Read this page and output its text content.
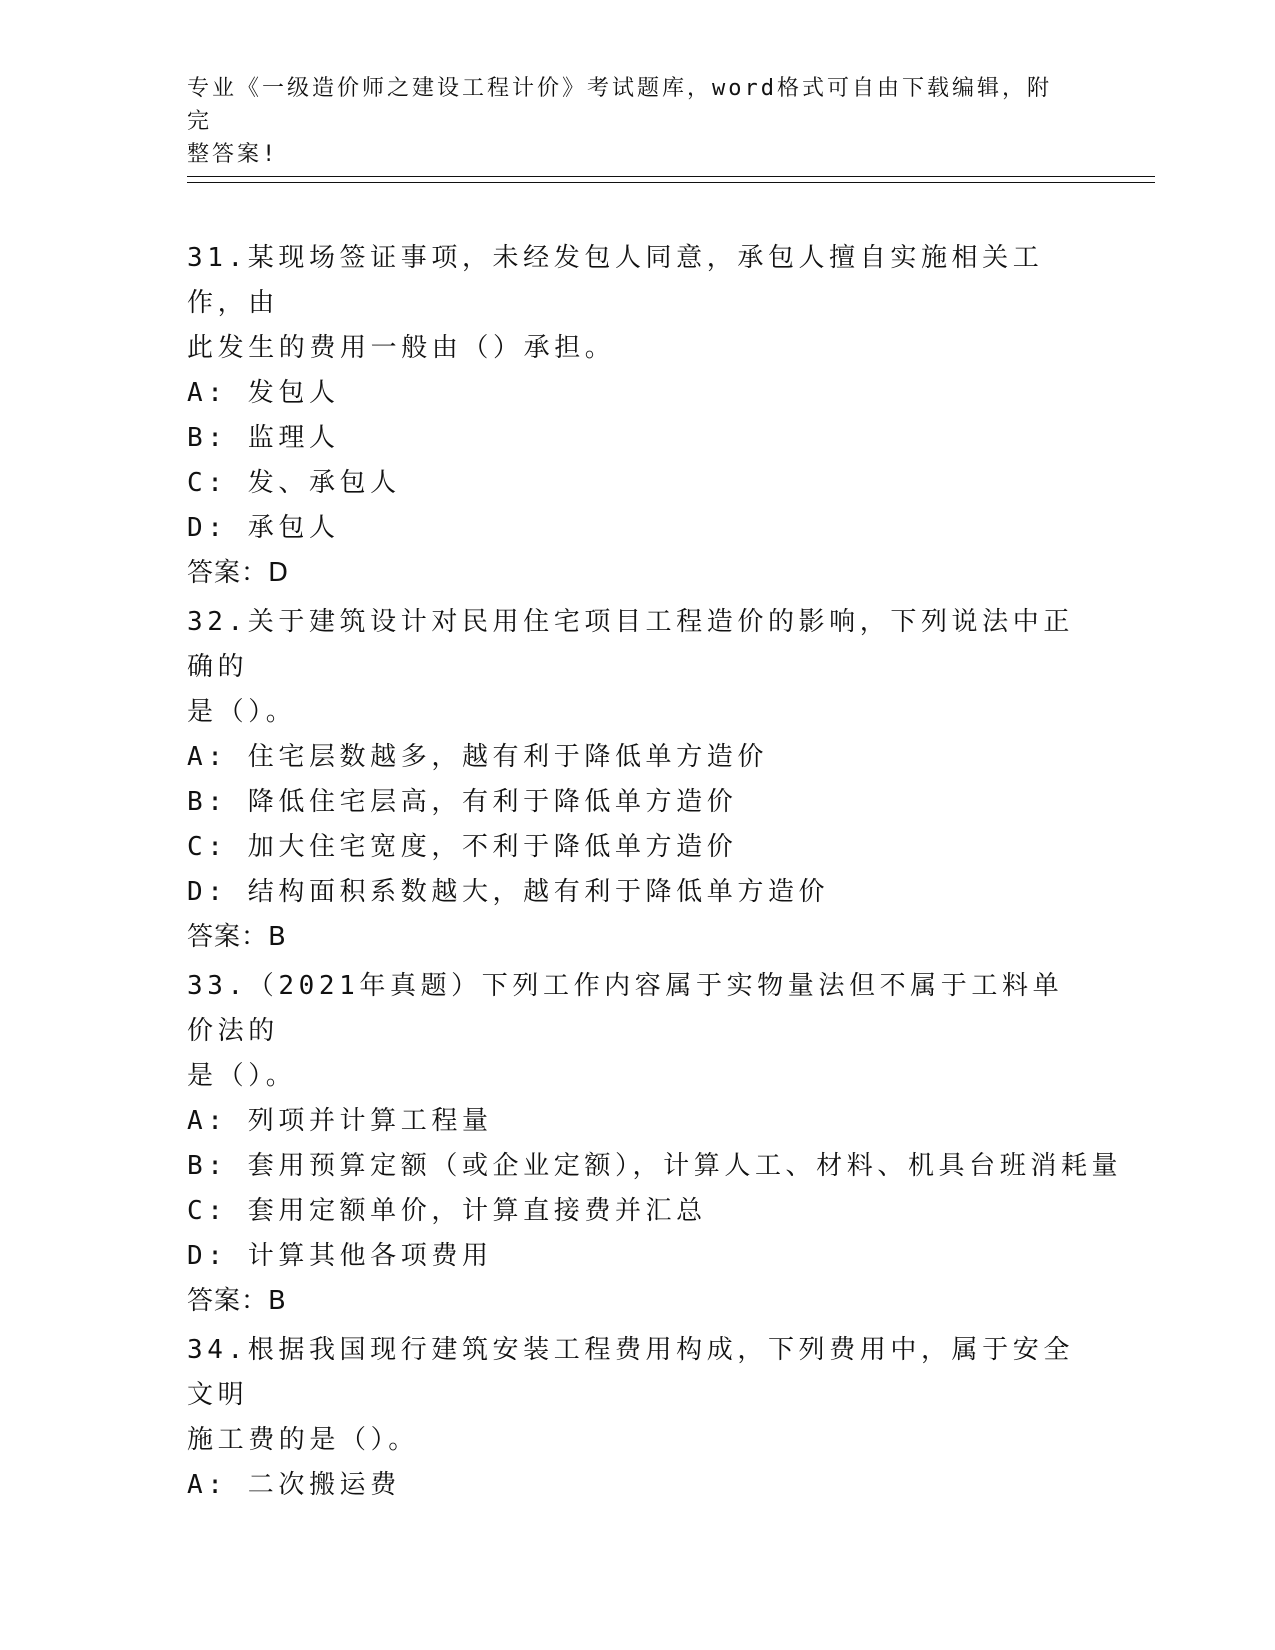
专业《一级造价师之建设工程计价》考试题库，word格式可自由下载编辑，附完
整答案!

31.某现场签证事项，未经发包人同意，承包人擅自实施相关工作，由

此发生的费用一般由（）承担。

A: 发包人

B: 监理人

C: 发、承包人

D: 承包人

答案：D

32.关于建筑设计对民用住宅项目工程造价的影响，下列说法中正确的

是（）。

A: 住宅层数越多，越有利于降低单方造价

B: 降低住宅层高，有利于降低单方造价

C: 加大住宅宽度，不利于降低单方造价

D: 结构面积系数越大，越有利于降低单方造价

答案：B

33.（2021年真题）下列工作内容属于实物量法但不属于工料单价法的

是（）。

A: 列项并计算工程量

B: 套用预算定额（或企业定额），计算人工、材料、机具台班消耗量

C: 套用定额单价，计算直接费并汇总

D: 计算其他各项费用

答案：B

34.根据我国现行建筑安装工程费用构成，下列费用中，属于安全文明

施工费的是（）。

A: 二次搬运费
